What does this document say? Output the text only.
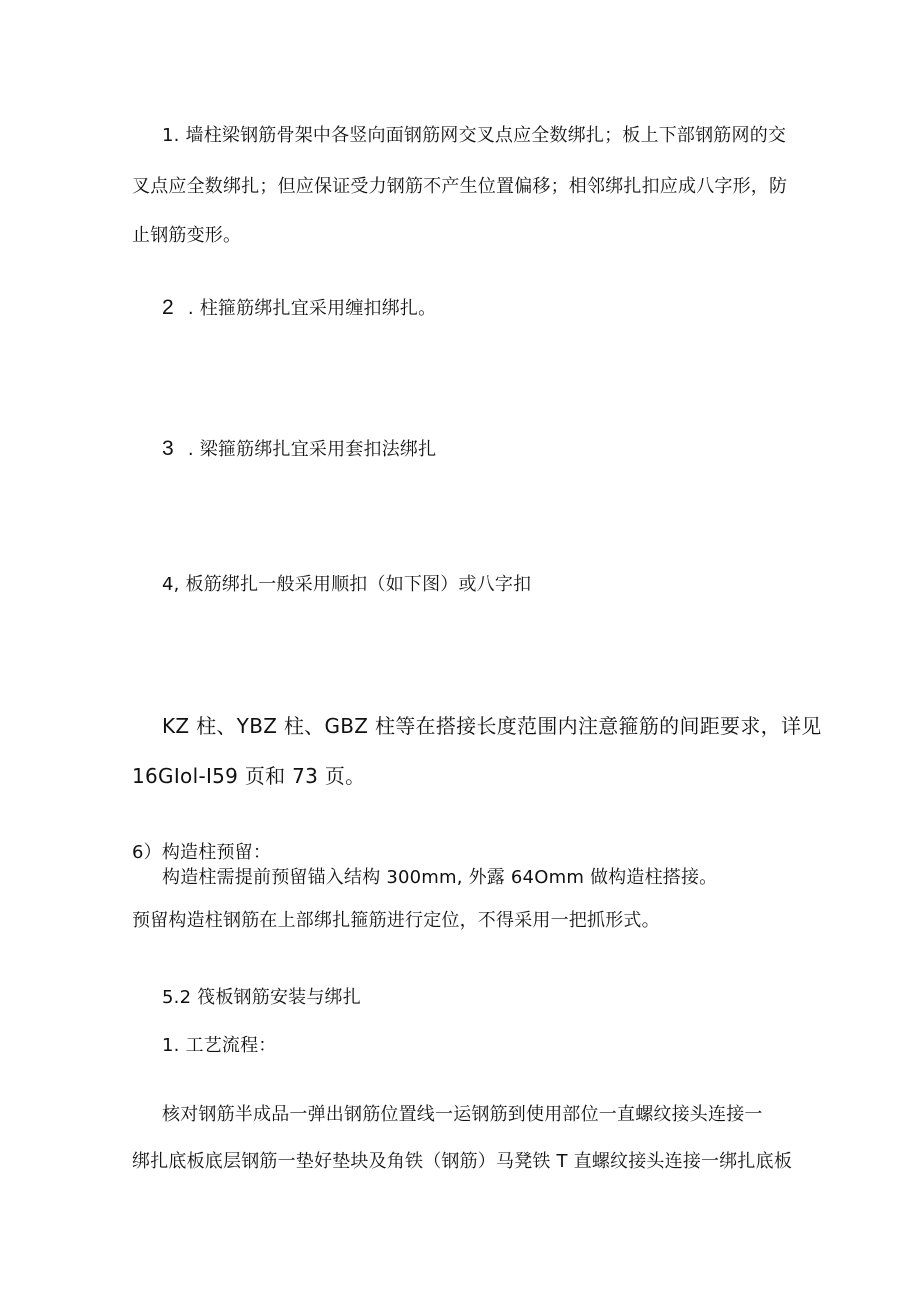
1. 墙柱梁钢筋骨架中各竖向面钢筋网交叉点应全数绑扎；板上下部钢筋网的交
叉点应全数绑扎；但应保证受力钢筋不产生位置偏移；相邻绑扎扣应成八字形，防
止钢筋变形。
2 . 柱箍筋绑扎宜采用缠扣绑扎。
3 . 梁箍筋绑扎宜采用套扣法绑扎
4, 板筋绑扎一般采用顺扣（如下图）或八字扣
KZ 柱、YBZ 柱、GBZ 柱等在搭接长度范围内注意箍筋的间距要求，详见
16GIol-I59 页和 73 页。
6）构造柱预留：
构造柱需提前预留锚入结构 300mm, 外露 64Omm 做构造柱搭接。
预留构造柱钢筋在上部绑扎箍筋进行定位，不得采用一把抓形式。
5.2 筏板钢筋安装与绑扎
1. 工艺流程：
核对钢筋半成品一弹出钢筋位置线一运钢筋到使用部位一直螺纹接头连接一
绑扎底板底层钢筋一垫好垫块及角铁（钢筋）马凳铁 T 直螺纹接头连接一绑扎底板
